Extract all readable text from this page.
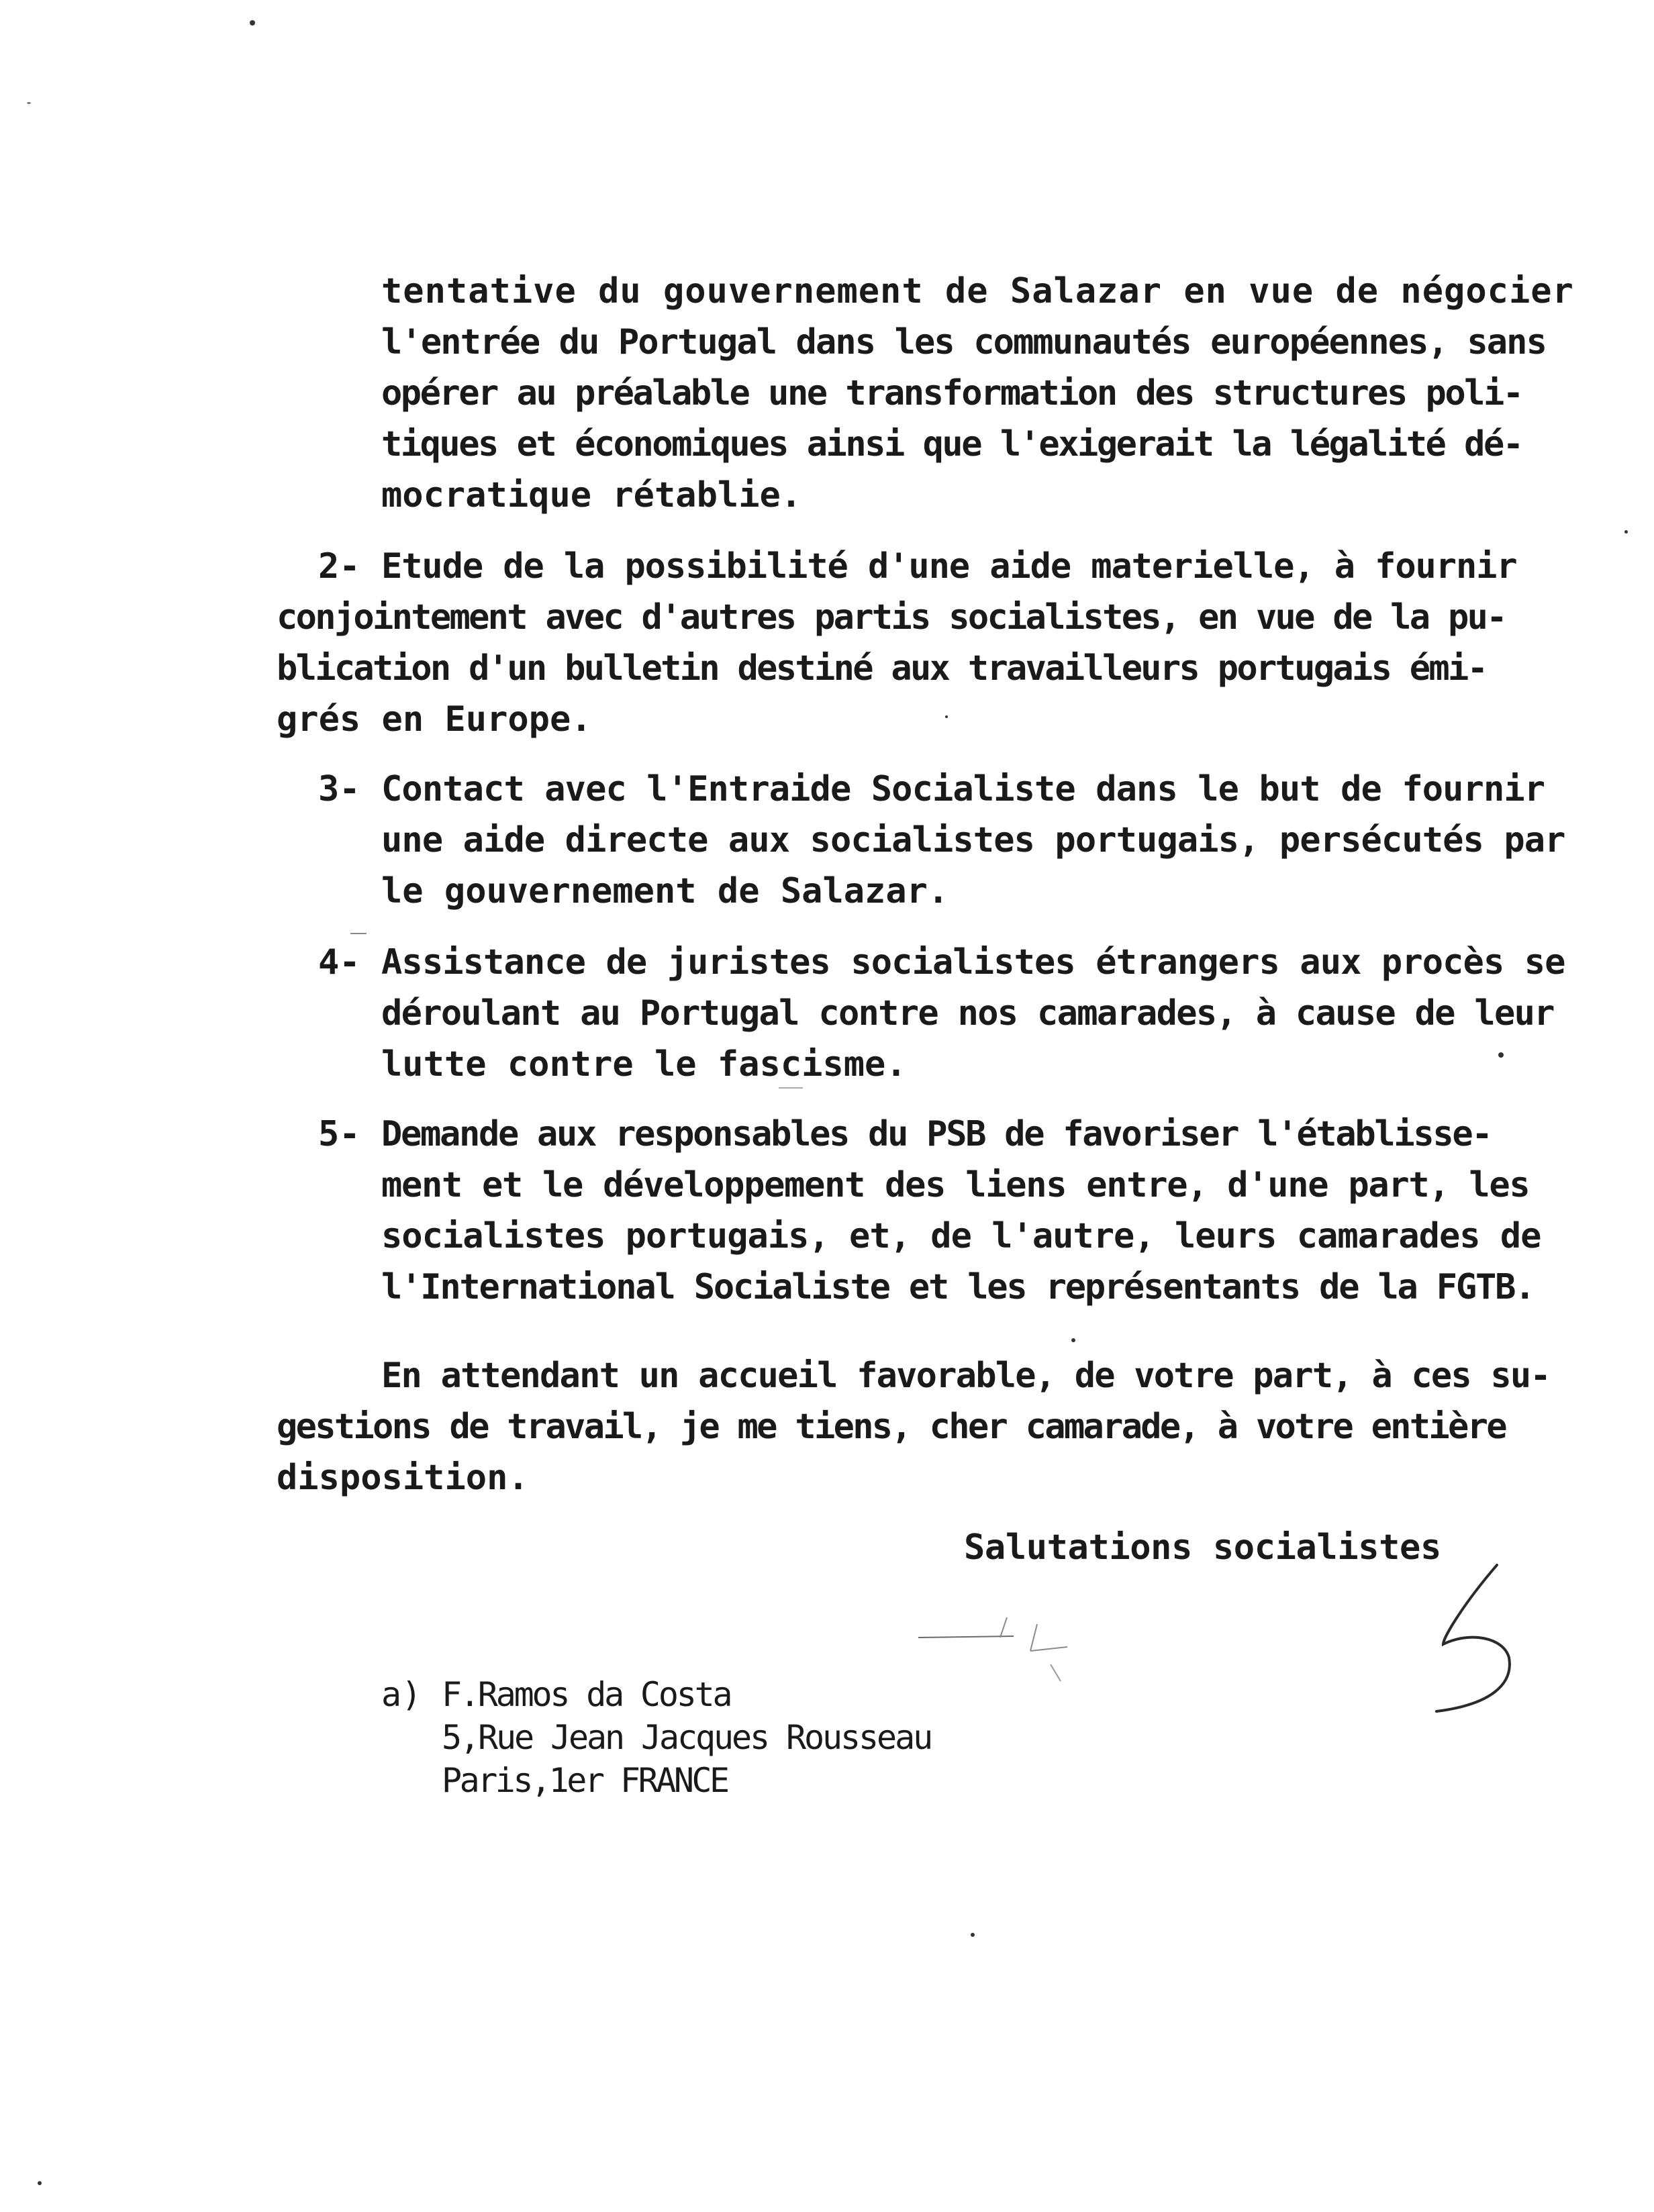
tentative du gouvernement de Salazar en vue de négocier
l'entrée du Portugal dans les communautés européennes, sans
opérer au préalable une transformation des structures poli-
tiques et économiques ainsi que l'exigerait la légalité dé-
mocratique rétablie.
2- Etude de la possibilité d'une aide materielle, à fournir
conjointement avec d'autres partis socialistes, en vue de la pu-
blication d'un bulletin destiné aux travailleurs portugais émi-
grés en Europe.
3- Contact avec l'Entraide Socialiste dans le but de fournir
une aide directe aux socialistes portugais, persécutés par
le gouvernement de Salazar.
4- Assistance de juristes socialistes étrangers aux procès se
déroulant au Portugal contre nos camarades, à cause de leur
lutte contre le fascisme.
5- Demande aux responsables du PSB de favoriser l'établisse-
ment et le développement des liens entre, d'une part, les
socialistes portugais, et, de l'autre, leurs camarades de
l'International Socialiste et les représentants de la FGTB.
En attendant un accueil favorable, de votre part, à ces su-
gestions de travail, je me tiens, cher camarade, à votre entière
disposition.
Salutations socialistes
a) F.Ramos da Costa
5,Rue Jean Jacques Rousseau
Paris,1er FRANCE
